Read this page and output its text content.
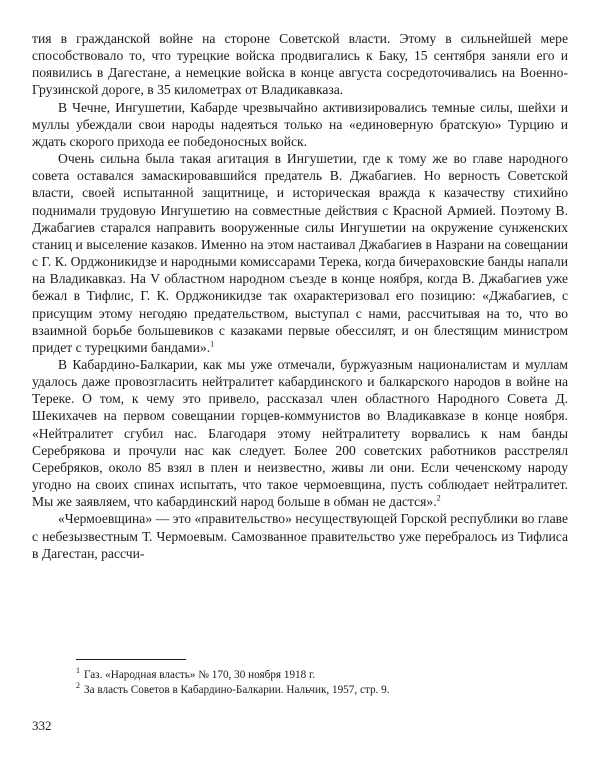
тия в гражданской войне на стороне Советской власти. Этому в сильнейшей мере способствовало то, что турецкие войска продвигались к Баку, 15 сентября заняли его и появились в Дагестане, а немецкие войска в конце августа сосредоточивались на Военно-Грузинской дороге, в 35 километрах от Владикавказа.

В Чечне, Ингушетии, Кабарде чрезвычайно активизировались темные силы, шейхи и муллы убеждали свои народы надеяться только на «единоверную братскую» Турцию и ждать скорого прихода ее победоносных войск.

Очень сильна была такая агитация в Ингушетии, где к тому же во главе народного совета оставался замаскировавшийся предатель В. Джабагиев. Но верность Советской власти, своей испытанной защитнице, и историческая вражда к казачеству стихийно поднимали трудовую Ингушетию на совместные действия с Красной Армией. Поэтому В. Джабагиев старался направить вооруженные силы Ингушетии на окружение сунженских станиц и выселение казаков. Именно на этом настаивал Джабагиев в Назрани на совещании с Г. К. Орджоникидзе и народными комиссарами Терека, когда бичераховские банды напали на Владикавказ. На V областном народном съезде в конце ноября, когда В. Джабагиев уже бежал в Тифлис, Г. К. Орджоникидзе так охарактеризовал его позицию: «Джабагиев, с присущим этому негодяю предательством, выступал с нами, рассчитывая на то, что во взаимной борьбе большевиков с казаками первые обессилят, и он блестящим министром придет с турецкими бандами».$^1$

В Кабардино-Балкарии, как мы уже отмечали, буржуазным националистам и муллам удалось даже провозгласить нейтралитет кабардинского и балкарского народов в войне на Тереке. О том, к чему это привело, рассказал член областного Народного Совета Д. Шекихачев на первом совещании горцев-коммунистов во Владикавказе в конце ноября. «Нейтралитет сгубил нас. Благодаря этому нейтралитету ворвались к нам банды Серебрякова и прочули нас как следует. Более 200 советских работников расстрелял Серебряков, около 85 взял в плен и неизвестно, живы ли они. Если чеченскому народу угодно на своих спинах испытать, что такое чермоевщина, пусть соблюдает нейтралитет. Мы же заявляем, что кабардинский народ больше в обман не дастся».$^2$

«Чермоевщина» — это «правительство» несуществующей Горской республики во главе с небезызвестным Т. Чермоевым. Самозванное правительство уже перебралось из Тифлиса в Дагестан, рассчи-

$^1$ Газ. «Народная власть» № 170, 30 ноября 1918 г.
$^2$ За власть Советов в Кабардино-Балкарии. Нальчик, 1957, стр. 9.
332
